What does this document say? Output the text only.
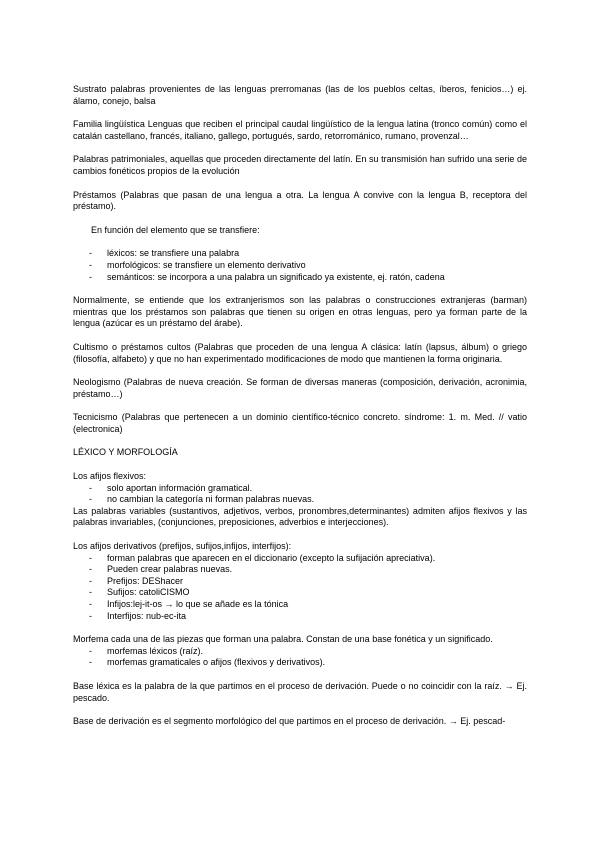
Sustrato palabras provenientes de las lenguas prerromanas (las de los pueblos celtas, íberos, fenicios…) ej. álamo, conejo, balsa

Familia lingüística Lenguas que reciben el principal caudal lingüístico de la lengua latina (tronco común) como el catalán castellano, francés, italiano, gallego, portugués, sardo, retorrománico, rumano, provenzal…

Palabras patrimoniales, aquellas que proceden directamente del latín. En su transmisión han sufrido una serie de cambios fonéticos propios de la evolución

Préstamos (Palabras que pasan de una lengua a otra. La lengua A convive con la lengua B, receptora del préstamo).

En función del elemento que se transfiere:

- léxicos: se transfiere una palabra
- morfológicos: se transfiere un elemento derivativo
- semánticos: se incorpora a una palabra un significado ya existente, ej. ratón, cadena

Normalmente, se entiende que los extranjerismos son las palabras o construcciones extranjeras (barman) mientras que los préstamos son palabras que tienen su origen en otras lenguas, pero ya forman parte de la lengua (azúcar es un préstamo del árabe).

Cultismo o préstamos cultos (Palabras que proceden de una lengua A clásica: latín (lapsus, álbum) o griego (filosofía, alfabeto) y que no han experimentado modificaciones de modo que mantienen la forma originaria.

Neologismo (Palabras de nueva creación. Se forman de diversas maneras (composición, derivación, acronimia, préstamo…)

Tecnicismo (Palabras que pertenecen a un dominio científico-técnico concreto. síndrome: 1. m. Med. // vatio (electronica)

LÉXICO Y MORFOLOGÍA

Los afijos flexivos:

- solo aportan información gramatical.
- no cambian la categoría ni forman palabras nuevas.

Las palabras variables (sustantivos, adjetivos, verbos, pronombres,determinantes) admiten afijos flexivos y las palabras invariables, (conjunciones, preposiciones, adverbios e interjecciones).

Los afijos derivativos (prefijos, sufijos,infijos, interfijos):

- forman palabras que aparecen en el diccionario (excepto la sufijación apreciativa).
- Pueden crear palabras nuevas.
- Prefijos: DEShacer
- Sufijos: catoliCISMO
- Infijos:lej-it-os → lo que se añade es la tónica
- Interfijos: nub-ec-ita

Morfema cada una de las piezas que forman una palabra. Constan de una base fonética y un significado.

- morfemas léxicos (raíz).
- morfemas gramaticales o afijos (flexivos y derivativos).

Base léxica es la palabra de la que partimos en el proceso de derivación. Puede o no coincidir con la raíz. → Ej. pescado.

Base de derivación es el segmento morfológico del que partimos en el proceso de derivación. → Ej. pescad-
